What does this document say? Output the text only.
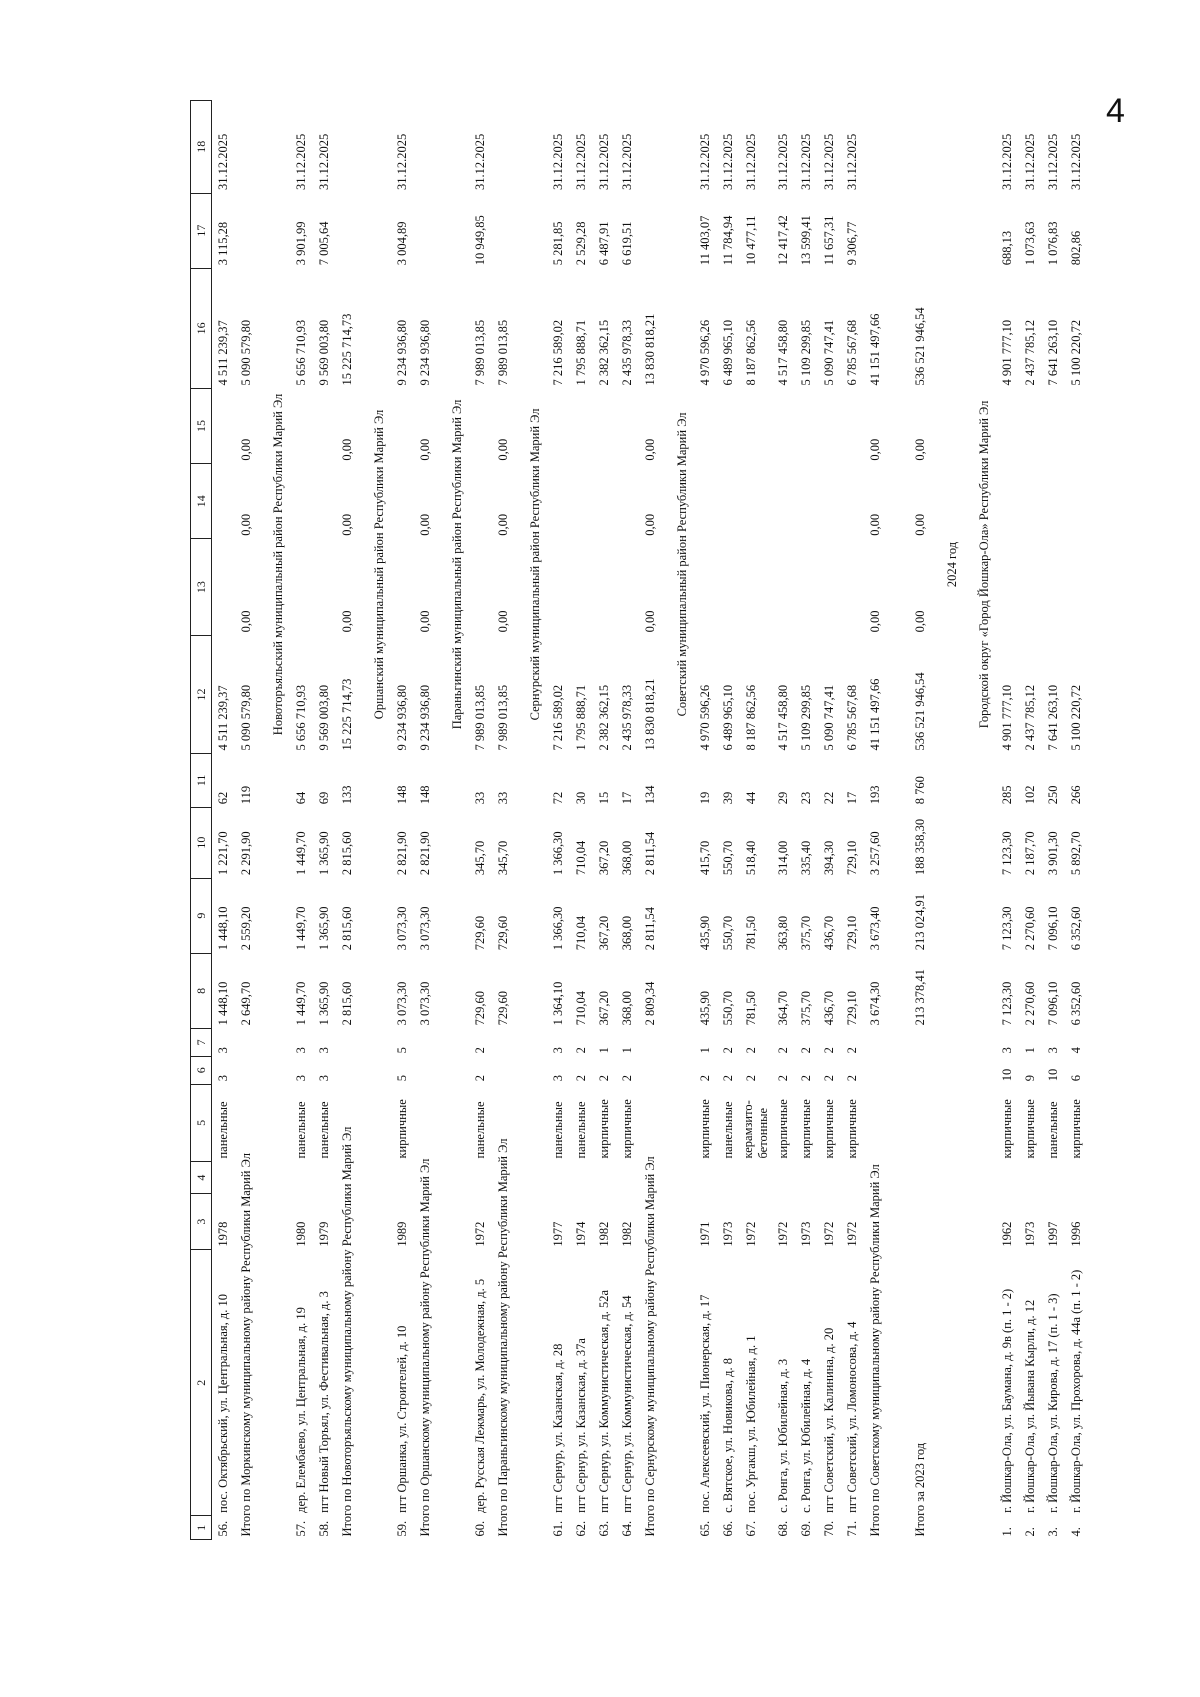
4
1	2	3	4	5	6	7	8	9	10	11	12	13	14	15	16	17	18
56.	пос. Октябрьский, ул. Центральная, д. 10	1978		панельные	3	3	1 448,10	1 448,10	1 221,70	62	4 511 239,37				4 511 239,37	3 115,28	31.12.2025
Итого по Моркинскому муниципальному району Республики Марий Эл							2 649,70	2 559,20	2 291,90	119	5 090 579,80	0,00	0,00	0,00	5 090 579,80		
							Новоторъяльский муниципальный район Республики Марий Эл										
57.	дер. Елембаево, ул. Центральная, д. 19	1980		панельные	3	3	1 449,70	1 449,70	1 449,70	64	5 656 710,93				5 656 710,93	3 901,99	31.12.2025
58.	пгт Новый Торъял, ул. Фестивальная, д. 3	1979		панельные	3	3	1 365,90	1 365,90	1 365,90	69	9 569 003,80				9 569 003,80	7 005,64	31.12.2025
Итого по Новоторъяльскому муниципальному району Республики Марий Эл							2 815,60	2 815,60	2 815,60	133	15 225 714,73	0,00	0,00	0,00	15 225 714,73		
							Оршанский муниципальный район Республики Марий Эл										
59.	пгт Оршанка, ул. Строителей, д. 10	1989		кирпичные	5	5	3 073,30	3 073,30	2 821,90	148	9 234 936,80				9 234 936,80	3 004,89	31.12.2025
Итого по Оршанскому муниципальному району Республики Марий Эл							3 073,30	3 073,30	2 821,90	148	9 234 936,80	0,00	0,00	0,00	9 234 936,80		
							Параньгинский муниципальный район Республики Марий Эл										
60.	дер. Русская Лежмарь, ул. Молодежная, д. 5	1972		панельные	2	2	729,60	729,60	345,70	33	7 989 013,85				7 989 013,85	10 949,85	31.12.2025
Итого по Параньгинскому муниципальному району Республики Марий Эл							729,60	729,60	345,70	33	7 989 013,85	0,00	0,00	0,00	7 989 013,85		
							Сернурский муниципальный район Республики Марий Эл										
61.	пгт Сернур, ул. Казанская, д. 28	1977		панельные	3	3	1 364,10	1 366,30	1 366,30	72	7 216 589,02				7 216 589,02	5 281,85	31.12.2025
62.	пгт Сернур, ул. Казанская, д. 37а	1974		панельные	2	2	710,04	710,04	710,04	30	1 795 888,71				1 795 888,71	2 529,28	31.12.2025
63.	пгт Сернур, ул. Коммунистическая, д. 52а	1982		кирпичные	2	1	367,20	367,20	367,20	15	2 382 362,15				2 382 362,15	6 487,91	31.12.2025
64.	пгт Сернур, ул. Коммунистическая, д. 54	1982		кирпичные	2	1	368,00	368,00	368,00	17	2 435 978,33				2 435 978,33	6 619,51	31.12.2025
Итого по Сернурскому муниципальному району Республики Марий Эл							2 809,34	2 811,54	2 811,54	134	13 830 818,21	0,00	0,00	0,00	13 830 818,21		
							Советский муниципальный район Республики Марий Эл										
65.	пос. Алексеевский, ул. Пионерская, д. 17	1971		кирпичные	2	1	435,90	435,90	415,70	19	4 970 596,26				4 970 596,26	11 403,07	31.12.2025
66.	с. Вятское, ул. Новикова, д. 8	1973		панельные	2	2	550,70	550,70	550,70	39	6 489 965,10				6 489 965,10	11 784,94	31.12.2025
67.	пос. Ургакш, ул. Юбилейная, д. 1	1972		керамзито-бетонные	2	2	781,50	781,50	518,40	44	8 187 862,56				8 187 862,56	10 477,11	31.12.2025
68.	с. Ронга, ул. Юбилейная, д. 3	1972		кирпичные	2	2	364,70	363,80	314,00	29	4 517 458,80				4 517 458,80	12 417,42	31.12.2025
69.	с. Ронга, ул. Юбилейная, д. 4	1973		кирпичные	2	2	375,70	375,70	335,40	23	5 109 299,85				5 109 299,85	13 599,41	31.12.2025
70.	пгт Советский, ул. Калинина, д. 20	1972		кирпичные	2	2	436,70	436,70	394,30	22	5 090 747,41				5 090 747,41	11 657,31	31.12.2025
71.	пгт Советский, ул. Ломоносова, д. 4	1972		кирпичные	2	2	729,10	729,10	729,10	17	6 785 567,68				6 785 567,68	9 306,77	31.12.2025
Итого по Советскому муниципальному району Республики Марий Эл							3 674,30	3 673,40	3 257,60	193	41 151 497,66	0,00	0,00	0,00	41 151 497,66		

Итого за 2023 год							213 378,41	213 024,91	188 358,30	8 760	536 521 946,54	0,00	0,00	0,00	536 521 946,54		
							2024 год										
							Городской округ «Город Йошкар-Ола» Республики Марий Эл										
1.	г. Йошкар-Ола, ул. Баумана, д. 9в (п. 1 - 2)	1962		кирпичные	10	3	7 123,30	7 123,30	7 123,30	285	4 901 777,10				4 901 777,10	688,13	31.12.2025
2.	г. Йошкар-Ола, ул. Йывана Кырли, д. 12	1973		кирпичные	9	1	2 270,60	2 270,60	2 187,70	102	2 437 785,12				2 437 785,12	1 073,63	31.12.2025
3.	г. Йошкар-Ола, ул. Кирова, д. 17 (п. 1 - 3)	1997		панельные	10	3	7 096,10	7 096,10	3 901,30	250	7 641 263,10				7 641 263,10	1 076,83	31.12.2025
4.	г. Йошкар-Ола, ул. Прохорова, д. 44а (п. 1 - 2)	1996		кирпичные	6	4	6 352,60	6 352,60	5 892,70	266	5 100 220,72				5 100 220,72	802,86	31.12.2025
